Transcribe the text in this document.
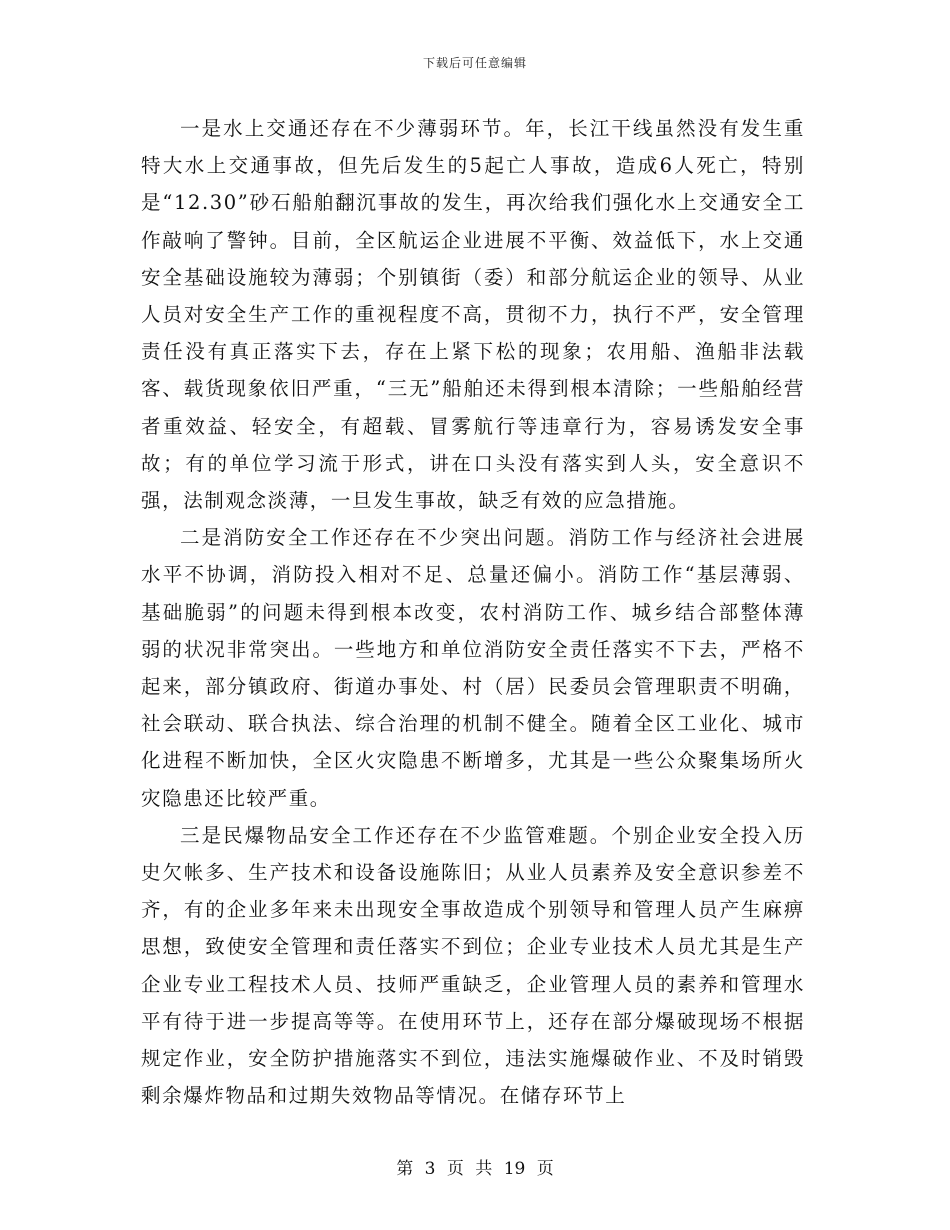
下载后可任意编辑

一是水上交通还存在不少薄弱环节。年，长江干线虽然没有发生重特大水上交通事故，但先后发生的5起亡人事故，造成6人死亡，特别是“12.30”砂石船舶翻沉事故的发生，再次给我们强化水上交通安全工作敲响了警钟。目前，全区航运企业进展不平衡、效益低下，水上交通安全基础设施较为薄弱；个别镇街（委）和部分航运企业的领导、从业人员对安全生产工作的重视程度不高，贯彻不力，执行不严，安全管理责任没有真正落实下去，存在上紧下松的现象；农用船、渔船非法载客、载货现象依旧严重，“三无”船舶还未得到根本清除；一些船舶经营者重效益、轻安全，有超载、冒雾航行等违章行为，容易诱发安全事故；有的单位学习流于形式，讲在口头没有落实到人头，安全意识不强，法制观念淡薄，一旦发生事故，缺乏有效的应急措施。

二是消防安全工作还存在不少突出问题。消防工作与经济社会进展水平不协调，消防投入相对不足、总量还偏小。消防工作“基层薄弱、基础脆弱”的问题未得到根本改变，农村消防工作、城乡结合部整体薄弱的状况非常突出。一些地方和单位消防安全责任落实不下去，严格不起来，部分镇政府、街道办事处、村（居）民委员会管理职责不明确，社会联动、联合执法、综合治理的机制不健全。随着全区工业化、城市化进程不断加快，全区火灾隐患不断增多，尤其是一些公众聚集场所火灾隐患还比较严重。

三是民爆物品安全工作还存在不少监管难题。个别企业安全投入历史欠帐多、生产技术和设备设施陈旧；从业人员素养及安全意识参差不齐，有的企业多年来未出现安全事故造成个别领导和管理人员产生麻痹思想，致使安全管理和责任落实不到位；企业专业技术人员尤其是生产企业专业工程技术人员、技师严重缺乏，企业管理人员的素养和管理水平有待于进一步提高等等。在使用环节上，还存在部分爆破现场不根据规定作业，安全防护措施落实不到位，违法实施爆破作业、不及时销毁剩余爆炸物品和过期失效物品等情况。在储存环节上

第 3 页 共 19 页
